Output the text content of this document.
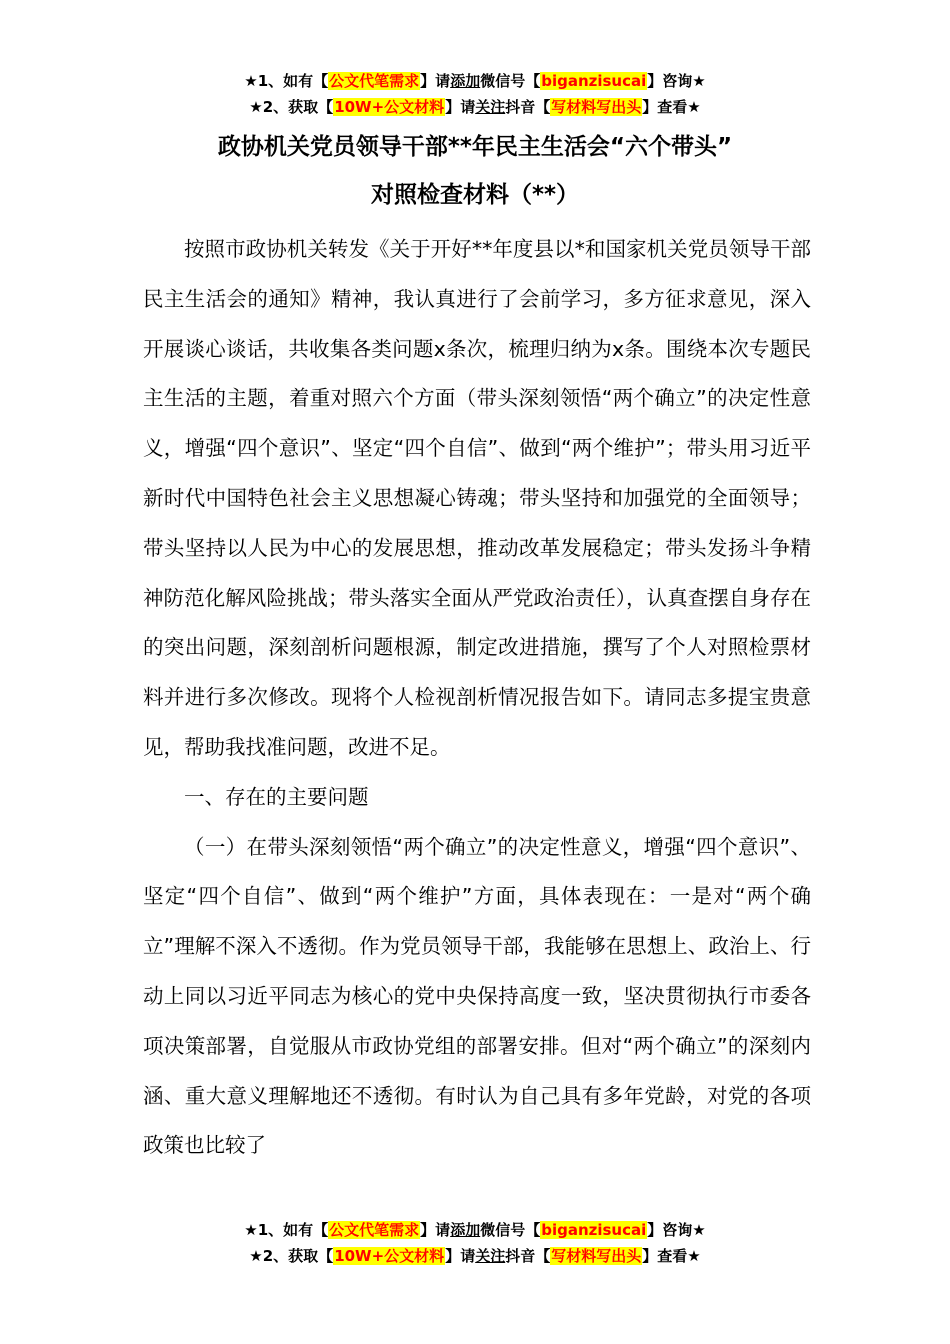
★1、如有【公文代笔需求】请添加微信号【biganzisucai】咨询★
★2、获取【10W+公文材料】请关注抖音【写材料写出头】查看★
政协机关党员领导干部**年民主生活会“六个带头”
对照检查材料（**）

按照市政协机关转发《关于开好**年度县以*和国家机关党员领导干部民主生活会的通知》精神，我认真进行了会前学习，多方征求意见，深入开展谈心谈话，共收集各类问题x条次，梳理归纳为x条。围绕本次专题民主生活的主题，着重对照六个方面（带头深刻领悟“两个确立”的决定性意义，增强“四个意识”、坚定“四个自信”、做到“两个维护”；带头用习近平新时代中国特色社会主义思想凝心铸魂；带头坚持和加强党的全面领导；带头坚持以人民为中心的发展思想，推动改革发展稳定；带头发扬斗争精神防范化解风险挑战；带头落实全面从严党政治责任），认真查摆自身存在的突出问题，深刻剖析问题根源，制定改进措施，撰写了个人对照检票材料并进行多次修改。现将个人检视剖析情况报告如下。请同志多提宝贵意见，帮助我找准问题，改进不足。

一、存在的主要问题

（一）在带头深刻领悟“两个确立”的决定性意义，增强“四个意识”、坚定“四个自信”、做到“两个维护”方面，具体表现在：一是对“两个确立”理解不深入不透彻。作为党员领导干部，我能够在思想上、政治上、行动上同以习近平同志为核心的党中央保持高度一致，坚决贯彻执行市委各项决策部署，自觉服从市政协党组的部署安排。但对“两个确立”的深刻内涵、重大意义理解地还不透彻。有时认为自己具有多年党龄，对党的各项政策也比较了

★1、如有【公文代笔需求】请添加微信号【biganzisucai】咨询★
★2、获取【10W+公文材料】请关注抖音【写材料写出头】查看★
